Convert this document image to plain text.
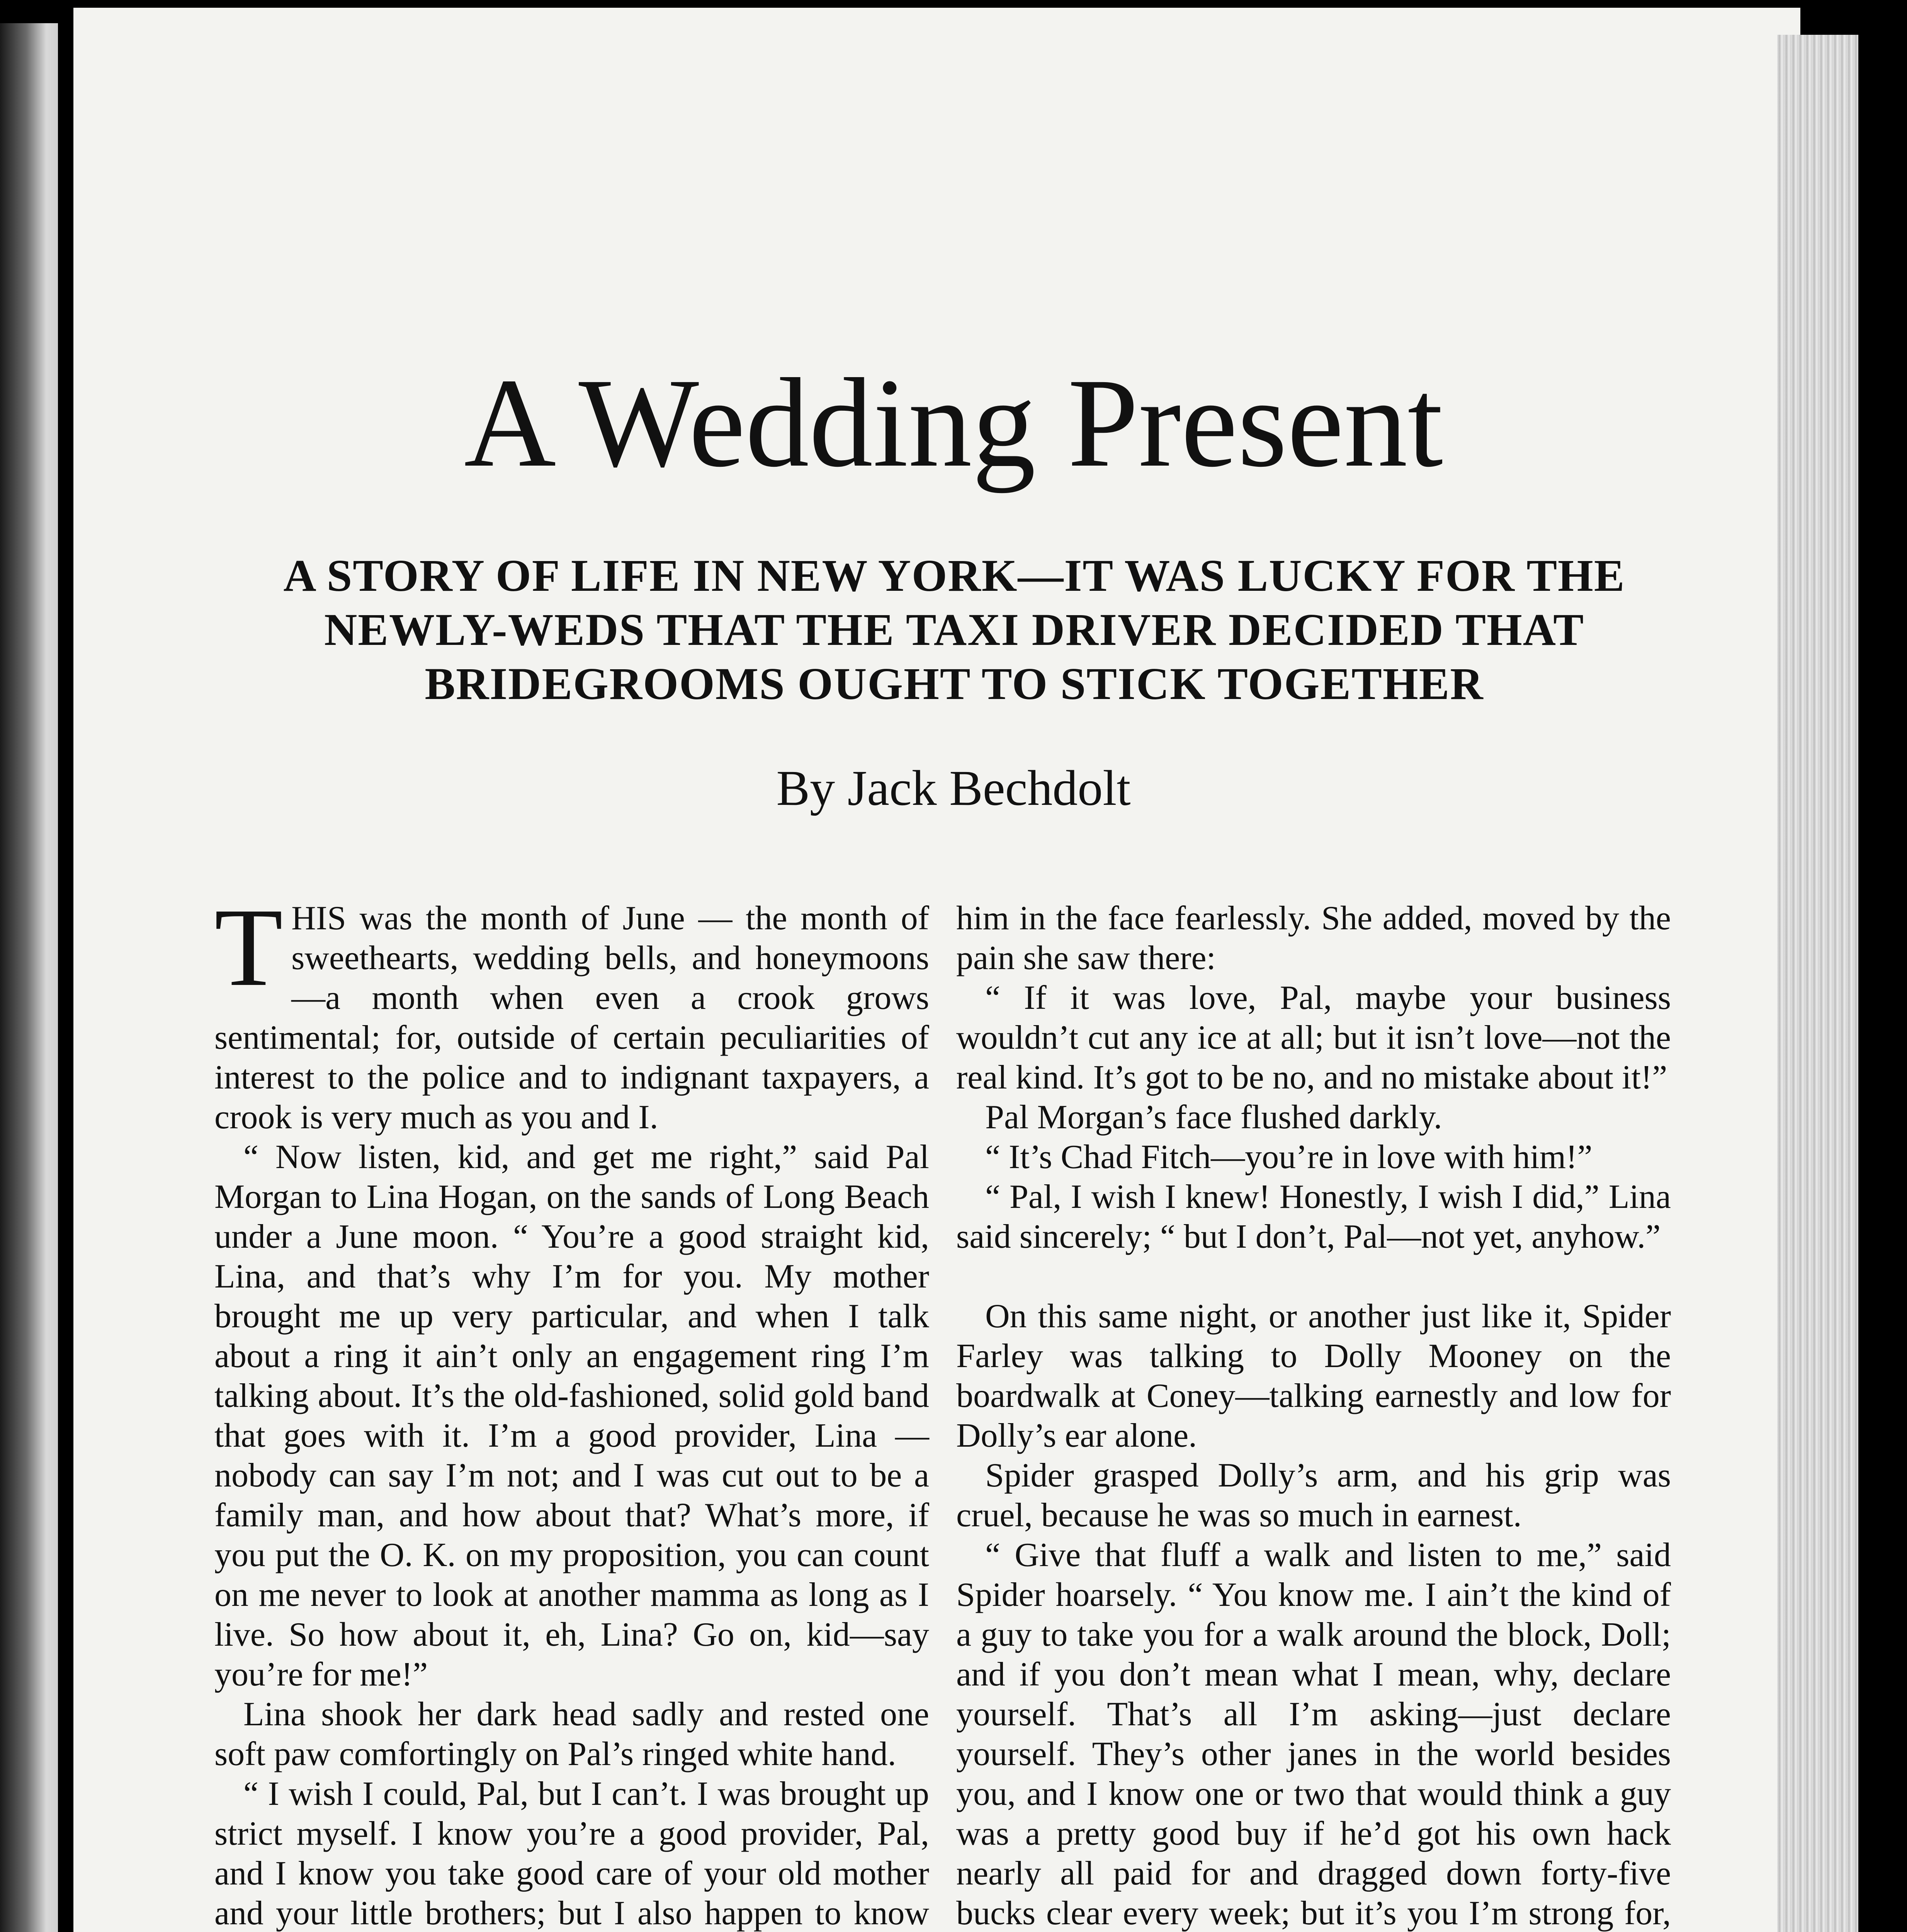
A Wedding Present
A STORY OF LIFE IN NEW YORK—IT WAS LUCKY FOR THE
NEWLY-WEDS THAT THE TAXI DRIVER DECIDED THAT
BRIDEGROOMS OUGHT TO STICK TOGETHER
By Jack Bechdolt

THIS was the month of June — the month of sweethearts, wedding bells, and honeymoons—a month when even a crook grows sentimental; for, outside of certain peculiarities of interest to the police and to indignant taxpayers, a crook is very much as you and I.

“ Now listen, kid, and get me right,” said Pal Morgan to Lina Hogan, on the sands of Long Beach under a June moon. “ You’re a good straight kid, Lina, and that’s why I’m for you. My mother brought me up very particular, and when I talk about a ring it ain’t only an engagement ring I’m talking about. It’s the old-fashioned, solid gold band that goes with it. I’m a good provider, Lina — nobody can say I’m not; and I was cut out to be a family man, and how about that? What’s more, if you put the O. K. on my proposition, you can count on me never to look at another mamma as long as I live. So how about it, eh, Lina? Go on, kid—say you’re for me!”

Lina shook her dark head sadly and rested one soft paw comfortingly on Pal’s ringed white hand.

“ I wish I could, Pal, but I can’t. I was brought up strict myself. I know you’re a good provider, Pal, and I know you take good care of your old mother and your little brothers; but I also happen to know

him in the face fearlessly. She added, moved by the pain she saw there:

“ If it was love, Pal, maybe your business wouldn’t cut any ice at all; but it isn’t love—not the real kind. It’s got to be no, and no mistake about it!”

Pal Morgan’s face flushed darkly.

“ It’s Chad Fitch—you’re in love with him!”

“ Pal, I wish I knew! Honestly, I wish I did,” Lina said sincerely; “ but I don’t, Pal—not yet, anyhow.”

On this same night, or another just like it, Spider Farley was talking to Dolly Mooney on the boardwalk at Coney—talking earnestly and low for Dolly’s ear alone.

Spider grasped Dolly’s arm, and his grip was cruel, because he was so much in earnest.

“ Give that fluff a walk and listen to me,” said Spider hoarsely. “ You know me. I ain’t the kind of a guy to take you for a walk around the block, Doll; and if you don’t mean what I mean, why, declare yourself. That’s all I’m asking—just declare yourself. They’s other janes in the world besides you, and I know one or two that would think a guy was a pretty good buy if he’d got his own hack nearly all paid for and dragged down forty-five bucks clear every week; but it’s you I’m strong for,
